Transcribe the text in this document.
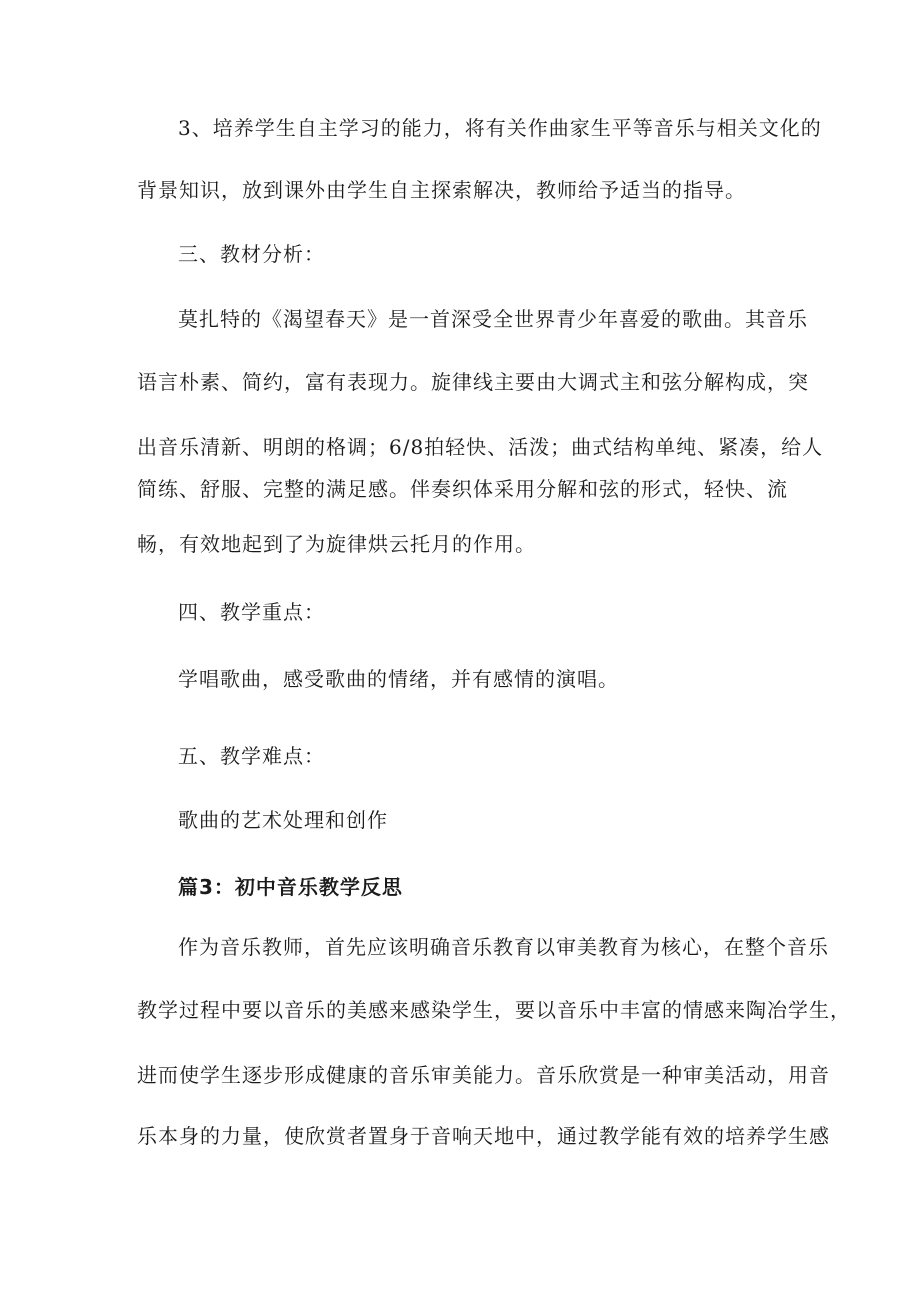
3、培养学生自主学习的能力，将有关作曲家生平等音乐与相关文化的

背景知识，放到课外由学生自主探索解决，教师给予适当的指导。

三、教材分析：

莫扎特的《渴望春天》是一首深受全世界青少年喜爱的歌曲。其音乐

语言朴素、简约，富有表现力。旋律线主要由大调式主和弦分解构成，突

出音乐清新、明朗的格调；6/8拍轻快、活泼；曲式结构单纯、紧凑，给人

简练、舒服、完整的满足感。伴奏织体采用分解和弦的形式，轻快、流

畅，有效地起到了为旋律烘云托月的作用。

四、教学重点：

学唱歌曲，感受歌曲的情绪，并有感情的演唱。

五、教学难点：

歌曲的艺术处理和创作

篇3：初中音乐教学反思

作为音乐教师，首先应该明确音乐教育以审美教育为核心，在整个音乐

教学过程中要以音乐的美感来感染学生，要以音乐中丰富的情感来陶冶学生，

进而使学生逐步形成健康的音乐审美能力。音乐欣赏是一种审美活动，用音

乐本身的力量，使欣赏者置身于音响天地中，通过教学能有效的培养学生感
